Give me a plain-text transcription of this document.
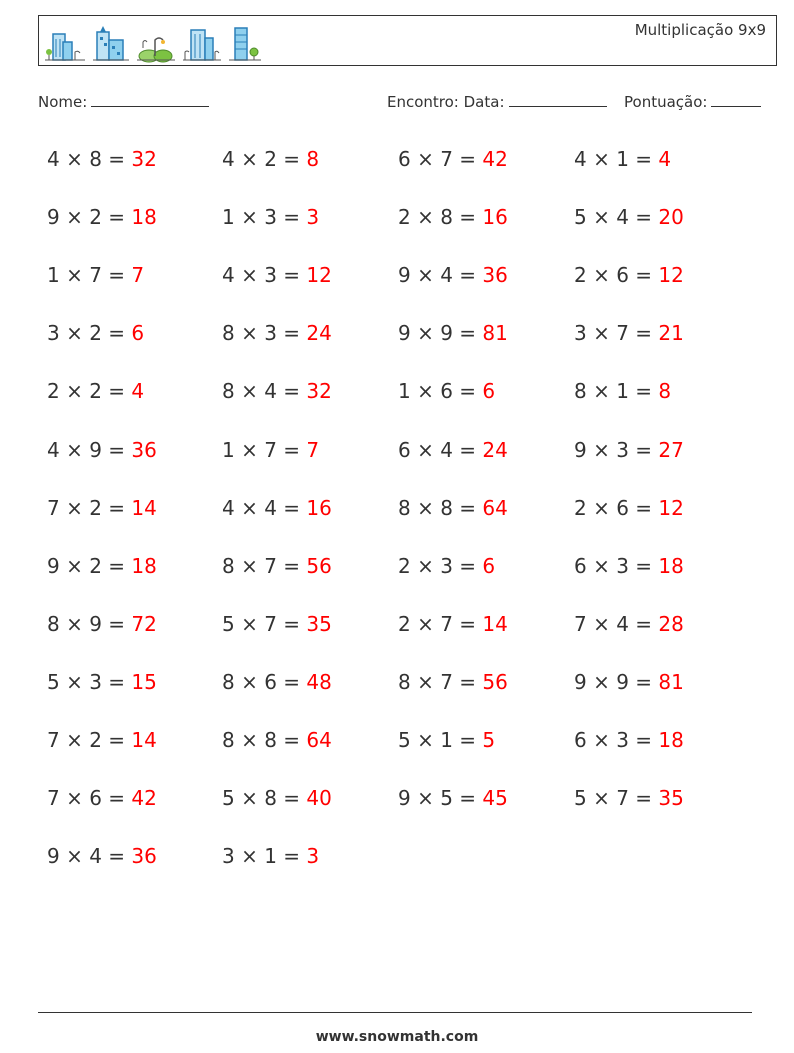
Multiplicação 9x9
Nome:	Encontro: Data:	Pontuação:
4 × 8 = 32	4 × 2 = 8	6 × 7 = 42	4 × 1 = 4
9 × 2 = 18	1 × 3 = 3	2 × 8 = 16	5 × 4 = 20
1 × 7 = 7	4 × 3 = 12	9 × 4 = 36	2 × 6 = 12
3 × 2 = 6	8 × 3 = 24	9 × 9 = 81	3 × 7 = 21
2 × 2 = 4	8 × 4 = 32	1 × 6 = 6	8 × 1 = 8
4 × 9 = 36	1 × 7 = 7	6 × 4 = 24	9 × 3 = 27
7 × 2 = 14	4 × 4 = 16	8 × 8 = 64	2 × 6 = 12
9 × 2 = 18	8 × 7 = 56	2 × 3 = 6	6 × 3 = 18
8 × 9 = 72	5 × 7 = 35	2 × 7 = 14	7 × 4 = 28
5 × 3 = 15	8 × 6 = 48	8 × 7 = 56	9 × 9 = 81
7 × 2 = 14	8 × 8 = 64	5 × 1 = 5	6 × 3 = 18
7 × 6 = 42	5 × 8 = 40	9 × 5 = 45	5 × 7 = 35
9 × 4 = 36	3 × 1 = 3
www.snowmath.com
